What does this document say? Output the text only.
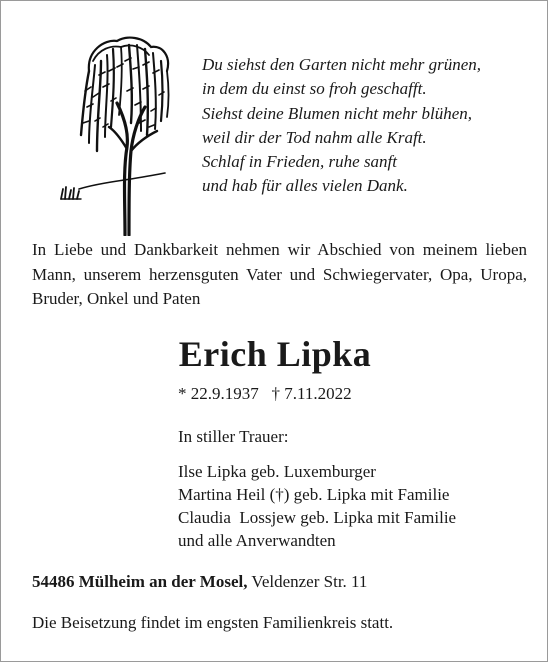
Du siehst den Garten nicht mehr grünen,
in dem du einst so froh geschafft.
Siehst deine Blumen nicht mehr blühen,
weil dir der Tod nahm alle Kraft.
Schlaf in Frieden, ruhe sanft
und hab für alles vielen Dank.
In Liebe und Dankbarkeit nehmen wir Abschied von meinem lieben Mann, unserem herzensguten Vater und Schwiegervater, Opa, Uropa, Bruder, Onkel und Paten
Erich Lipka
* 22.9.1937 † 7.11.2022
In stiller Trauer:
Ilse Lipka geb. Luxemburger
Martina Heil (†) geb. Lipka mit Familie
Claudia  Lossjew geb. Lipka mit Familie
und alle Anverwandten
54486 Mülheim an der Mosel, Veldenzer Str. 11
Die Beisetzung findet im engsten Familienkreis statt.
